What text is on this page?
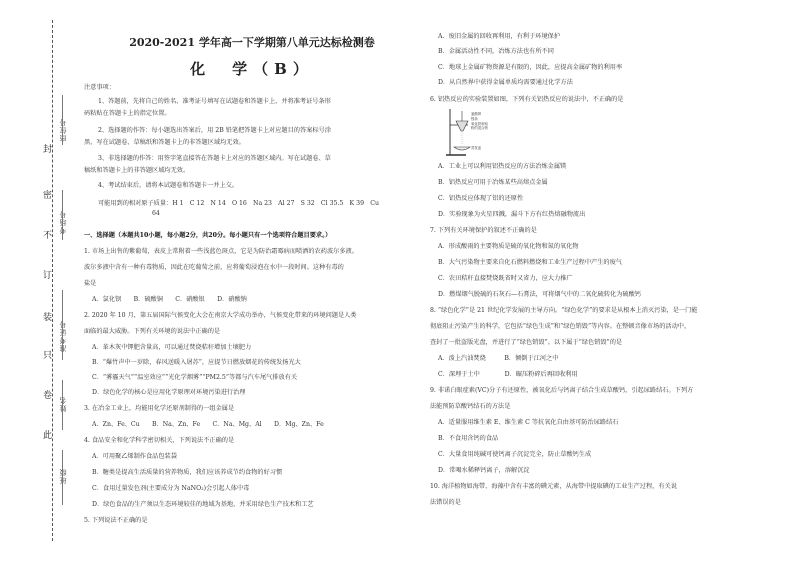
座位号
考场号
准考证号
姓名
班级
封
密
不
订
装
只
卷
此
2020-2021 学年高一下学期第八单元达标检测卷
化　学（B）
注意事项：
1、答题前，先将自己的姓名、准考证号填写在试题卷和答题卡上，并将准考证号条形
码粘贴在答题卡上的指定位置。
2、选择题的作答：每小题选出答案后，用 2B 铅笔把答题卡上对应题目的答案标号涂
黑，写在试题卷、草稿纸和答题卡上的非答题区域均无效。
3、非选择题的作答：用签字笔直接答在答题卡上对应的答题区域内。写在试题卷、草
稿纸和答题卡上的非答题区域均无效。
4、考试结束后，请将本试题卷和答题卡一并上交。
可能用到的相对原子质量：H 1　C 12　N 14　O 16　Na 23　Al 27　S 32　Cl 35.5　K 39　Cu
64
一、选择题（本题共10小题，每小题2分，共20分。每小题只有一个选项符合题目要求。）
1. 市场上出售的紫葡萄，表皮上常附着一些浅蓝色斑点，它是为防治霜霉病而喷洒的农药波尔多液。
波尔多液中含有一种有毒物质，因此在吃葡萄之前，应将葡萄浸泡在水中一段时间。这种有毒的
盐是
A．氯化钡　　B．硫酸铜　　C．硝酸银　　D．硝酸钠
2. 2020 年 10 月，第五届国际气候变化大会在南京大学成功举办，气候变化带来的环境问题是人类
面临的最大威胁。下列有关环境的说法中正确的是
A．革木灰中钾肥含量高，可以通过焚烧秸秆增加土壤肥力
B．“爆竹声中一岁除，春风送暖入屠苏”，应提节日燃放烟花的传统发扬光大
C．“雾霾天气”“温室效应”“光化学烟雾”“PM2.5”等都与汽车尾气排放有关
D．绿色化学的核心是应用化学原理对环境污染进行治理
3. 在冶金工业上，均能用化学还原剂制得的一组金属是
A．Zn、Fe、Cu　　B．Na、Zn、Fe　　C．Na、Mg、Al　　D．Mg、Zn、Fe
4. 食品安全和化学科学密切相关，下列说法不正确的是
A．可用聚乙烯制作食品包装袋
B．糖类是提高生活质量的营养物质，我们应该养成节约食物的好习惯
C．食用过量发色剂(主要成分为 NaNO₂)会引起人体中毒
D．绿色食品的生产须以生态环境较佳的地域为基地，并采用绿色生产技术和工艺
5. 下列说法不正确的是
A．废旧金属的回收再利用，有利于环境保护
B．金属活动性不同，冶炼方法也有所不同
C．地球上金属矿物资源是有限的，因此，应提高金属矿物的利用率
D．从自然界中获得金属单质均需要通过化学方法
6. 铝热反应的实验装置如图，下列有关铝热反应的说法中，不正确的是
A．工业上可以利用铝热反应的方法冶炼金属镁
B．铝热反应可用于冶炼某些高熔点金属
C．铝热反应体现了铝的还原性
D．实验现象为火星四溅，漏斗下方有红热熔融物流出
7. 下列有关环境保护的叙述不正确的是
A．形成酸雨的主要物质是硫的氧化物和氮的氧化物
B．大气污染物主要来自化石燃料燃烧和工业生产过程中产生的废气
C．农田秸秆直接焚烧既省时又省力，应大力推广
D．燃煤烟气脱硫的石灰石—石膏法，可将烟气中的二氧化硫转化为硫酸钙
8. “绿色化学”是 21 世纪化学发展的主导方向。“绿色化学”的要求是从根本上消灭污染，是一门能
彻底阻止污染产生的科学，它包括“绿色生成”和“绿色销毁”等内容。在整顿音像市场的活动中，
查封了一批盗版光盘，并进行了“绿色销毁”。以下属于“绿色销毁”的是
A．泼上汽油焚烧　　　B．倾倒于江河之中
C．深埋于土中　　　　D．碾压粉碎后再回收利用
9. 非诺白眼症素(VC)分子有还原性，被氧化后与钙离子结合生成草酸钙，引起尿路结石。下列方
法能预防草酸钙结石的方法是
A．适量服用维生素 E、维生素 C 等抗氧化自由基可防治尿路结石
B．不食用含钙的食品
C．大量食用纯碱可使钙离子沉淀完全，防止草酸钙生成
D．常喝水稀释钙离子，溶解沉淀
10. 海洋植物如海带、海藻中含有丰富的碘元素，从海带中提取碘的工业生产过程，有关说
法错误的是
氯酸钾
镁条
氧化铁和铝
粉的混合物
蒸发皿
